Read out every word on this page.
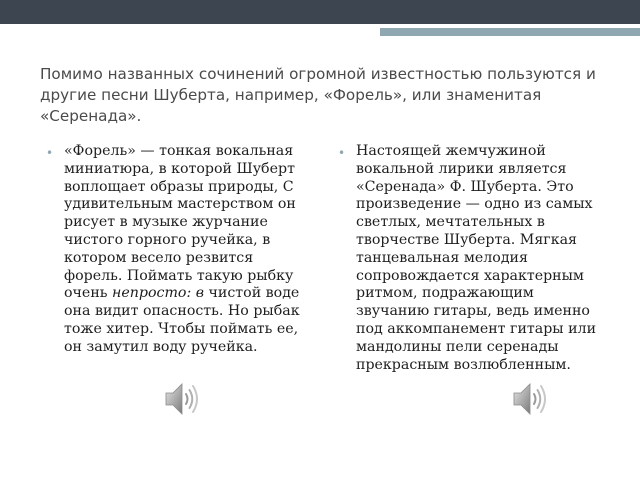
Помимо названных сочинений огромной известностью пользуются и другие песни Шуберта, например, «Форель», или знаменитая «Серенада».

• «Форель» — тонкая вокальная миниатюра, в которой Шуберт воплощает образы природы, С удивительным мастерством он рисует в музыке журчание чистого горного ручейка, в котором весело резвится форель. Поймать такую рыбку очень непросто: в чистой воде она видит опасность. Но рыбак тоже хитер. Чтобы поймать ее, он замутил воду ручейка.

• Настоящей жемчужиной вокальной лирики является «Серенада» Ф. Шуберта. Это произведение — одно из самых светлых, мечтательных в творчестве Шуберта. Мягкая танцевальная мелодия сопровождается характерным ритмом, подражающим звучанию гитары, ведь именно под аккомпанемент гитары или мандолины пели серенады прекрасным возлюбленным.
